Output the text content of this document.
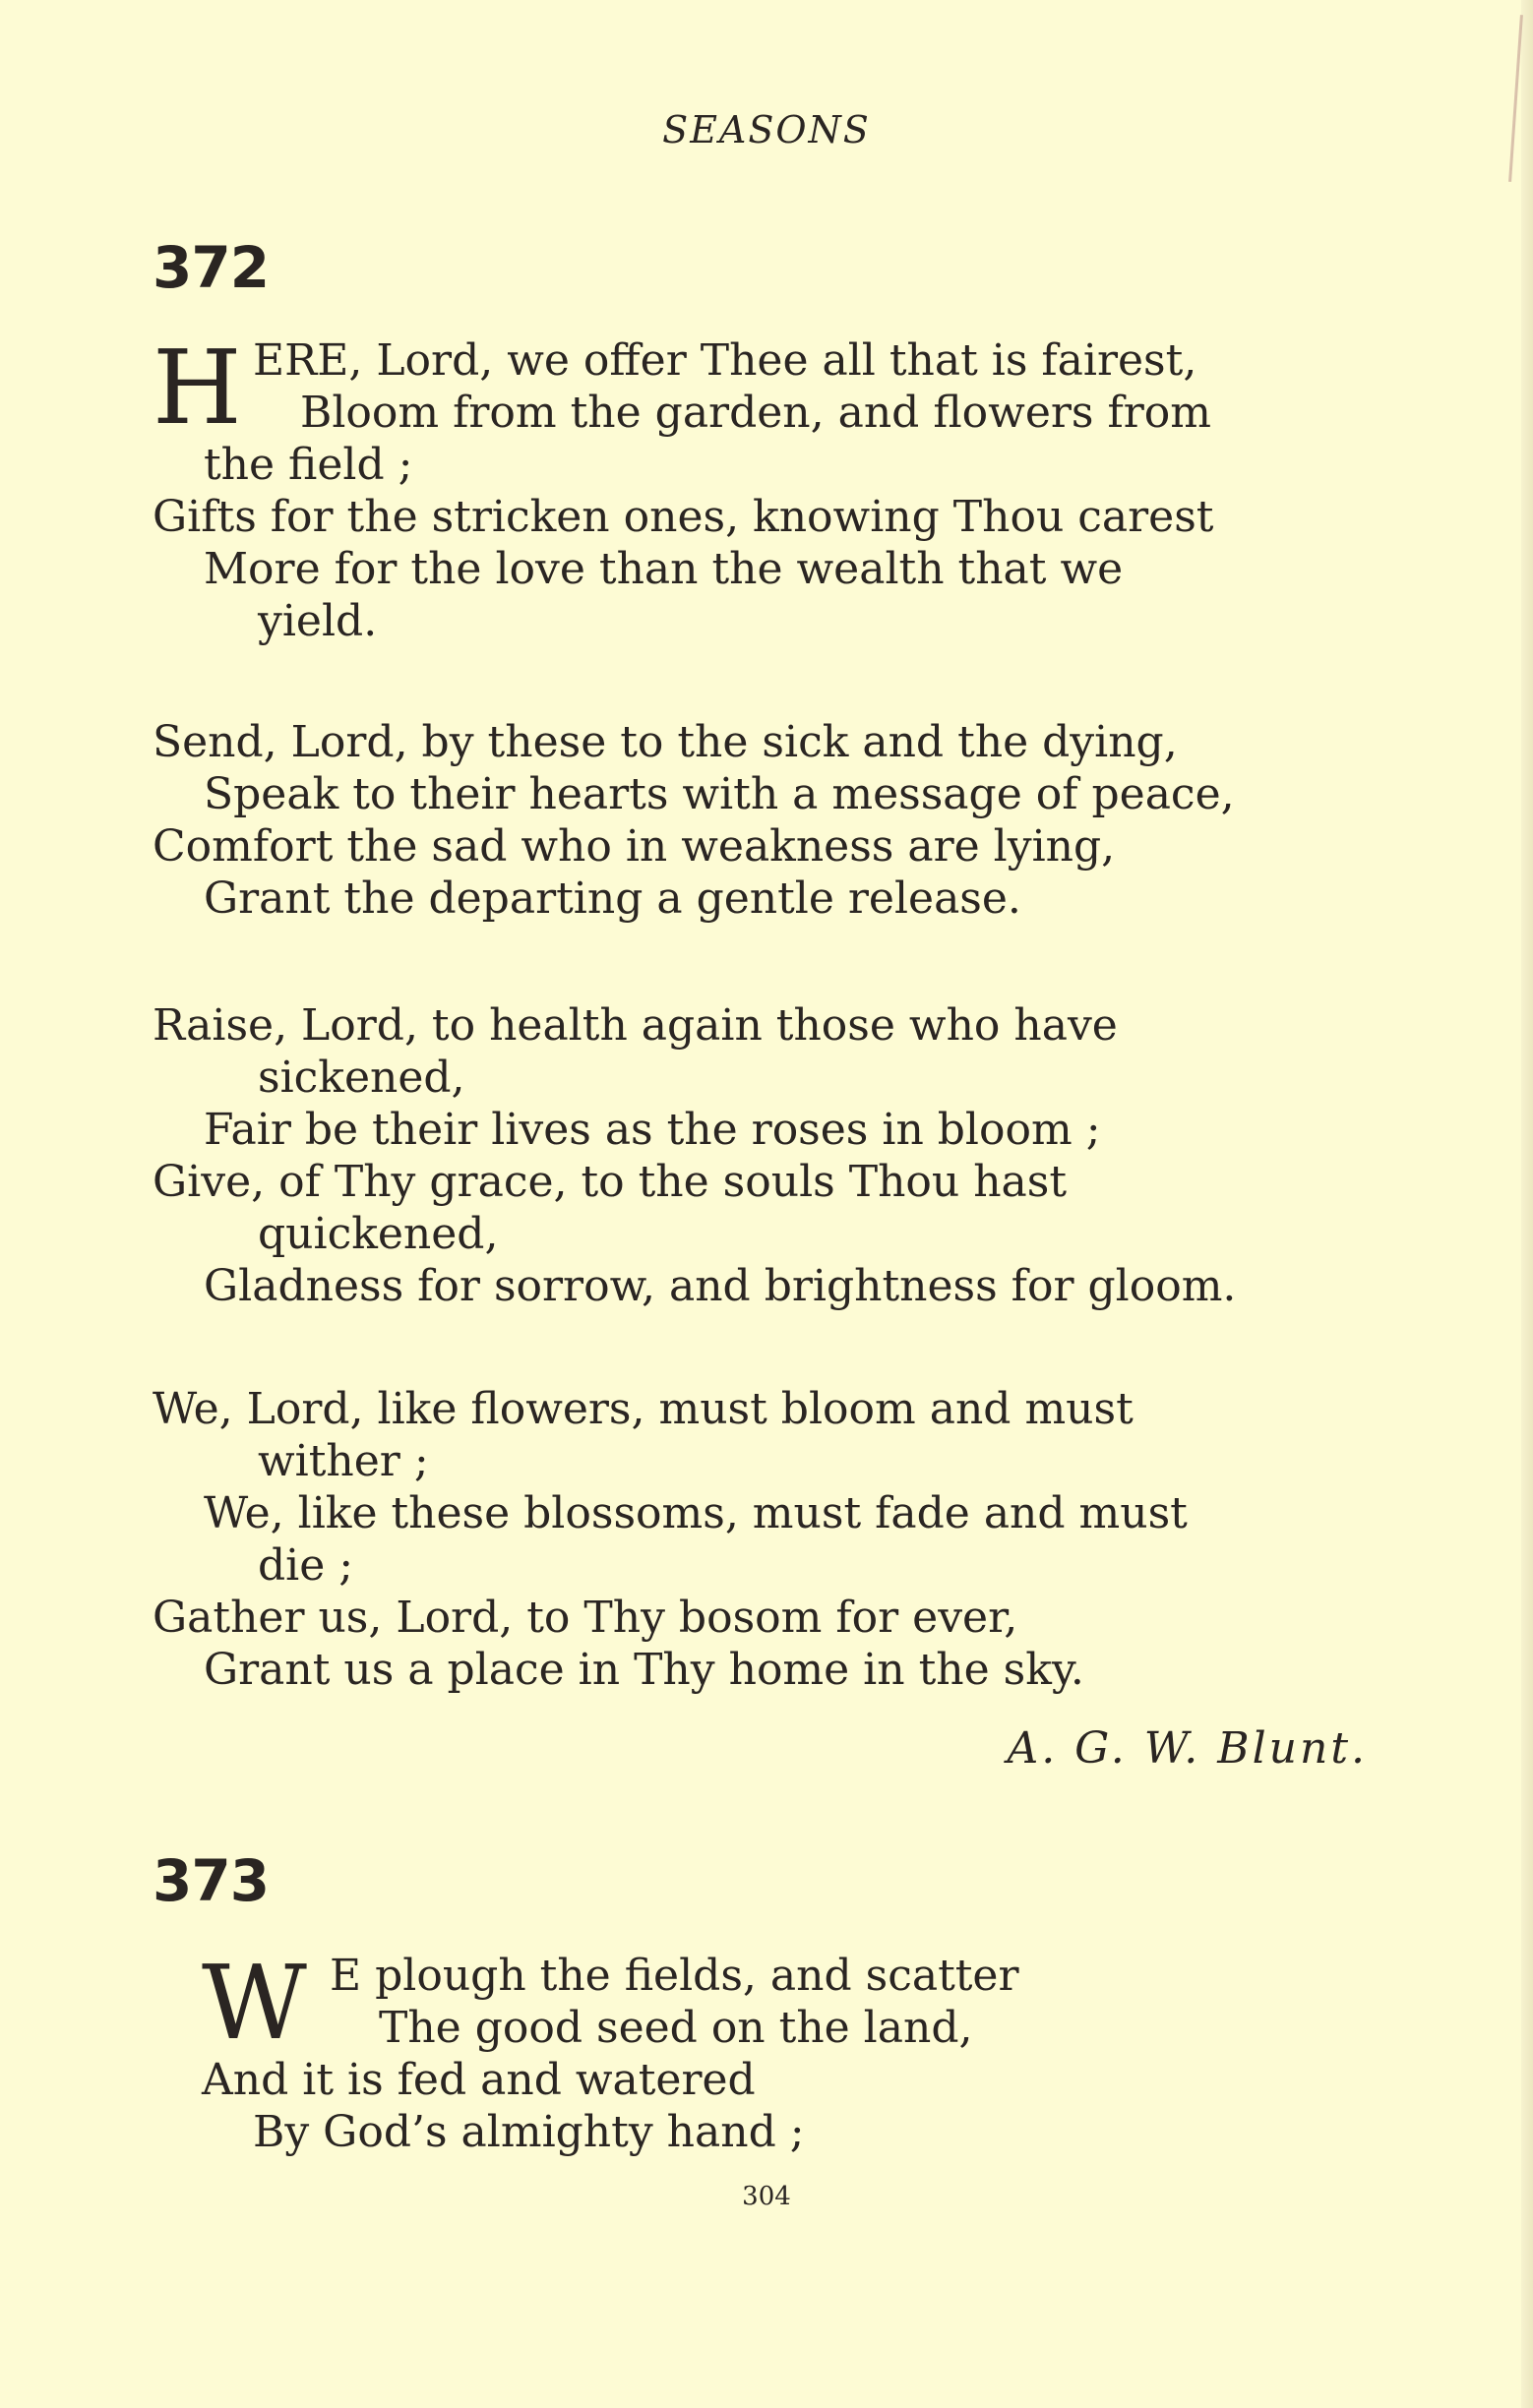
SEASONS
372
H ERE, Lord, we offer Thee all that is fairest,
Bloom from the garden, and flowers from
the field ;
Gifts for the stricken ones, knowing Thou carest
More for the love than the wealth that we
yield.
Send, Lord, by these to the sick and the dying,
Speak to their hearts with a message of peace,
Comfort the sad who in weakness are lying,
Grant the departing a gentle release.
Raise, Lord, to health again those who have
sickened,
Fair be their lives as the roses in bloom ;
Give, of Thy grace, to the souls Thou hast
quickened,
Gladness for sorrow, and brightness for gloom.
We, Lord, like flowers, must bloom and must
wither ;
We, like these blossoms, must fade and must
die ;
Gather us, Lord, to Thy bosom for ever,
Grant us a place in Thy home in the sky.
A. G. W. Blunt.
373
W E plough the fields, and scatter
The good seed on the land,
And it is fed and watered
By God’s almighty hand ;
304
